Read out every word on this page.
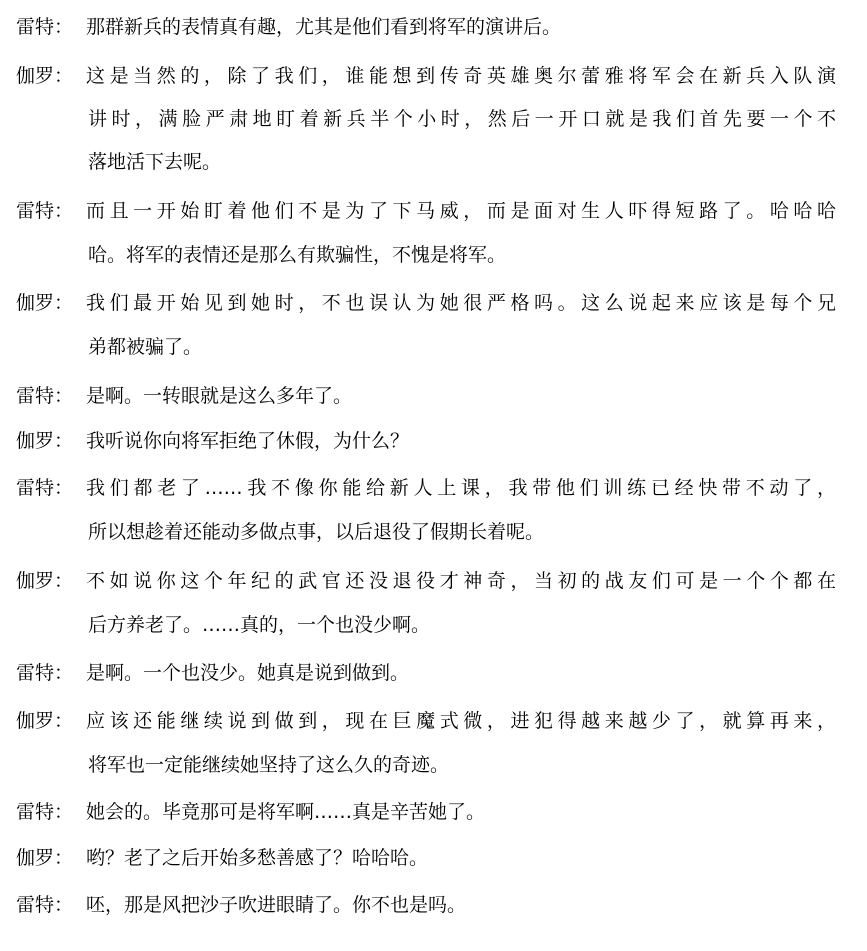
雷特： 那群新兵的表情真有趣，尤其是他们看到将军的演讲后。
伽罗： 这是当然的，除了我们，谁能想到传奇英雄奥尔蕾雅将军会在新兵入队演
讲时，满脸严肃地盯着新兵半个小时，然后一开口就是我们首先要一个不
落地活下去呢。
雷特： 而且一开始盯着他们不是为了下马威，而是面对生人吓得短路了。哈哈哈
哈。将军的表情还是那么有欺骗性，不愧是将军。
伽罗： 我们最开始见到她时，不也误认为她很严格吗。这么说起来应该是每个兄
弟都被骗了。
雷特： 是啊。一转眼就是这么多年了。
伽罗： 我听说你向将军拒绝了休假，为什么？
雷特： 我们都老了……我不像你能给新人上课，我带他们训练已经快带不动了，
所以想趁着还能动多做点事，以后退役了假期长着呢。
伽罗： 不如说你这个年纪的武官还没退役才神奇，当初的战友们可是一个个都在
后方养老了。……真的，一个也没少啊。
雷特： 是啊。一个也没少。她真是说到做到。
伽罗： 应该还能继续说到做到，现在巨魔式微，进犯得越来越少了，就算再来，
将军也一定能继续她坚持了这么久的奇迹。
雷特： 她会的。毕竟那可是将军啊……真是辛苦她了。
伽罗： 哟？老了之后开始多愁善感了？哈哈哈。
雷特： 呸，那是风把沙子吹进眼睛了。你不也是吗。
